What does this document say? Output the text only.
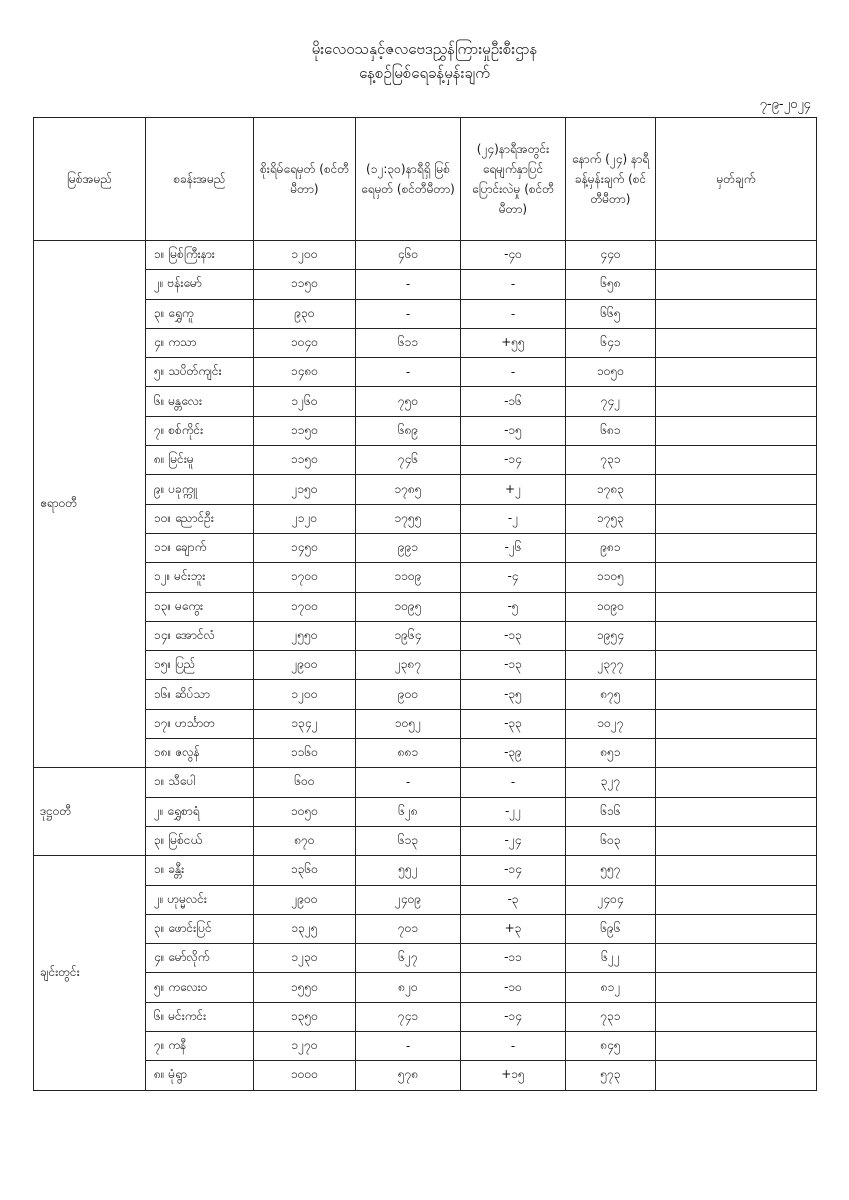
မိုးလေဝသနှင့်ဇလဗေဒညွှန်ကြားမှုဦးစီးဌာန
နေ့စဉ်မြစ်ရေခန့်မှန်းချက်
၇-၉-၂၀၂၄
မြစ်အမည်	စခန်းအမည်	စိုးရိမ်ရေမှတ် (စင်တီမီတာ)	(၁၂:၃၀)နာရီရှိ မြစ်ရေမှတ် (စင်တီမီတာ)	(၂၄)နာရီအတွင်း ရေမျက်နှာပြင် ပြောင်းလဲမှု (စင်တီမီတာ)	နောက် (၂၄) နာရီ ခန့်မှန်းချက် (စင်တီမီတာ)	မှတ်ချက်
ဧရာဝတီ	၁။ မြစ်ကြီးနား	၁၂၀၀	၄၆၀	-၄၀	၄၄၀	
	၂။ ဗန်းမော်	၁၁၅၀	-	-	၆၅၈	
	၃။ ရွှေကူ	၉၃၀	-	-	၆၆၅	
	၄။ ကသာ	၁၀၄၀	၆၁၁	+၅၅	၆၄၁	
	၅။ သပိတ်ကျင်း	၁၄၈၀	-	-	၁၀၅၀	
	၆။ မန္တလေး	၁၂၆၀	၇၅၀	-၁၆	၇၄၂	
	၇။ စစ်ကိုင်း	၁၁၅၀	၆၈၉	-၁၅	၆၈၁	
	၈။ မြင်းမူ	၁၁၅၀	၇၄၆	-၁၄	၇၃၁	
	၉။ ပခုက္ကူ	၂၁၅၀	၁၇၈၅	+၂	၁၇၈၃	
	၁၀။ ညောင်ဦး	၂၁၂၀	၁၇၅၅	-၂	၁၇၅၃	
	၁၁။ ချောက်	၁၄၅၀	၉၉၁	-၂၆	၉၈၁	
	၁၂။ မင်းဘူး	၁၇၀၀	၁၁၀၉	-၄	၁၁၀၅	
	၁၃။ မကွေး	၁၇၀၀	၁၀၉၅	-၅	၁၀၉၀	
	၁၄။ အောင်လံ	၂၅၅၀	၁၉၆၄	-၁၃	၁၉၅၄	
	၁၅။ ပြည်	၂၉၀၀	၂၃၈၇	-၁၃	၂၃၇၇	
	၁၆။ ဆိပ်သာ	၁၂၀၀	၉၀၀	-၃၅	၈၇၅	
	၁၇။ ဟင်္သာတ	၁၃၄၂	၁၀၅၂	-၃၃	၁၀၂၇	
	၁၈။ ဇလွန်	၁၁၆၀	၈၈၁	-၃၉	၈၅၁	
ဒုဋ္ဌဝတီ	၁။ သီပေါ	၆၀၀	-	-	၃၂၇	
	၂။ ရွှေစာရံ	၁၀၅၀	၆၂၈	-၂၂	၆၁၆	
	၃။ မြစ်ငယ်	၈၇၀	၆၁၃	-၂၄	၆၀၃	
ချင်းတွင်း	၁။ ခန္တီး	၁၃၆၀	၅၅၂	-၁၄	၅၅၇	
	၂။ ဟုမ္မလင်း	၂၉၀၀	၂၄၀၉	-၃	၂၄၀၄	
	၃။ ဖောင်းပြင်	၁၃၂၅	၇၀၁	+၃	၆၉၆	
	၄။ မော်လိုက်	၁၂၃၀	၆၂၇	-၁၁	၆၂၂	
	၅။ ကလေးဝ	၁၅၅၀	၈၂၀	-၁၀	၈၁၂	
	၆။ မင်းကင်း	၁၃၅၀	၇၄၁	-၁၄	၇၃၁	
	၇။ ကနီ	၁၂၇၀	-	-	၈၄၅	
	၈။ မုံရွာ	၁၀၀၀	၅၇၈	+၁၅	၅၇၃	
